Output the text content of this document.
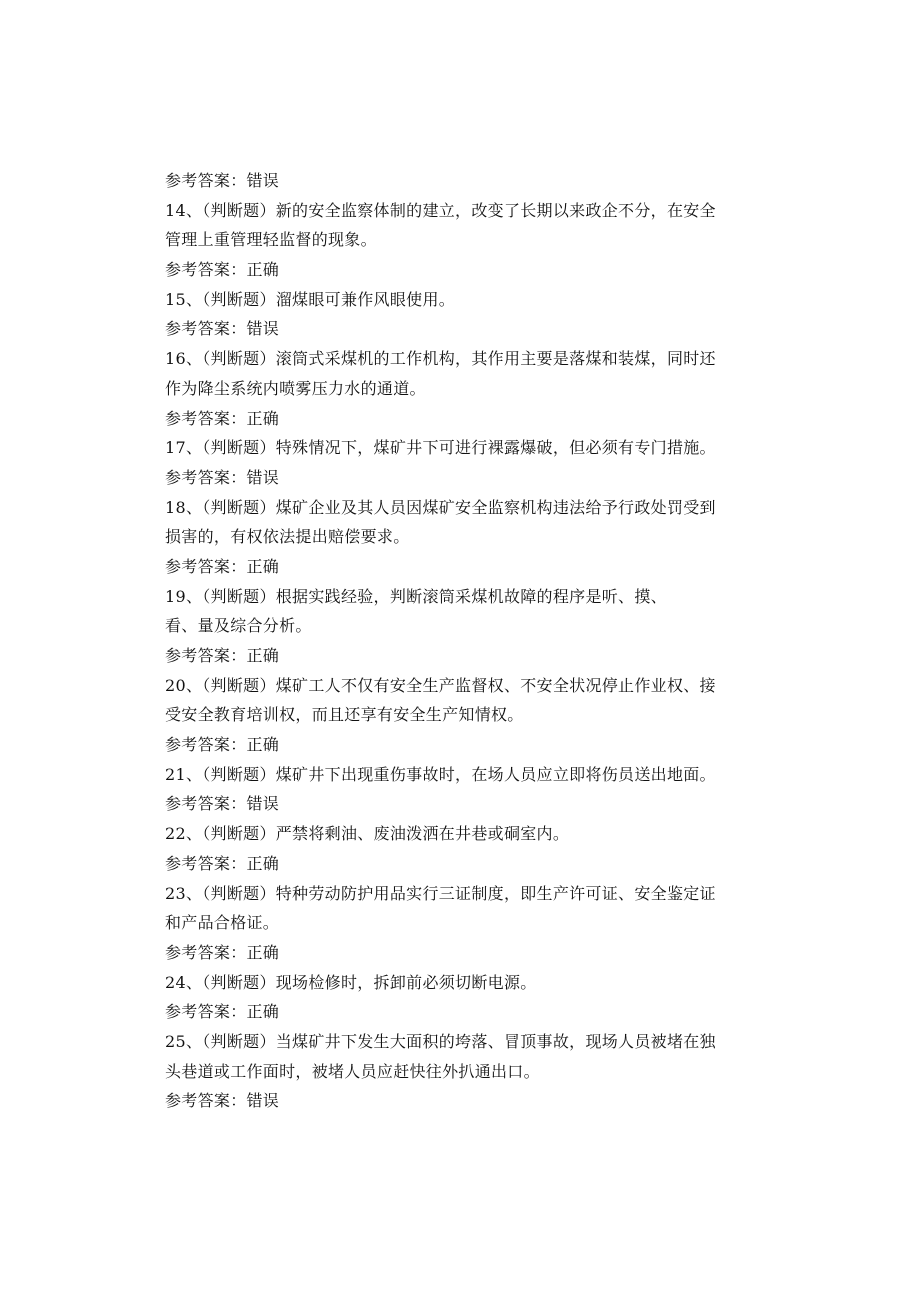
参考答案：错误
14、（判断题）新的安全监察体制的建立，改变了长期以来政企不分，在安全
管理上重管理轻监督的现象。
参考答案：正确
15、（判断题）溜煤眼可兼作风眼使用。
参考答案：错误
16、（判断题）滚筒式采煤机的工作机构，其作用主要是落煤和装煤，同时还
作为降尘系统内喷雾压力水的通道。
参考答案：正确
17、（判断题）特殊情况下，煤矿井下可进行裸露爆破，但必须有专门措施。
参考答案：错误
18、（判断题）煤矿企业及其人员因煤矿安全监察机构违法给予行政处罚受到
损害的，有权依法提出赔偿要求。
参考答案：正确
19、（判断题）根据实践经验，判断滚筒采煤机故障的程序是听、摸、
看、量及综合分析。
参考答案：正确
20、（判断题）煤矿工人不仅有安全生产监督权、不安全状况停止作业权、接
受安全教育培训权，而且还享有安全生产知情权。
参考答案：正确
21、（判断题）煤矿井下出现重伤事故时，在场人员应立即将伤员送出地面。
参考答案：错误
22、（判断题）严禁将剩油、废油泼洒在井巷或硐室内。
参考答案：正确
23、（判断题）特种劳动防护用品实行三证制度，即生产许可证、安全鉴定证
和产品合格证。
参考答案：正确
24、（判断题）现场检修时，拆卸前必须切断电源。
参考答案：正确
25、（判断题）当煤矿井下发生大面积的垮落、冒顶事故，现场人员被堵在独
头巷道或工作面时，被堵人员应赶快往外扒通出口。
参考答案：错误
